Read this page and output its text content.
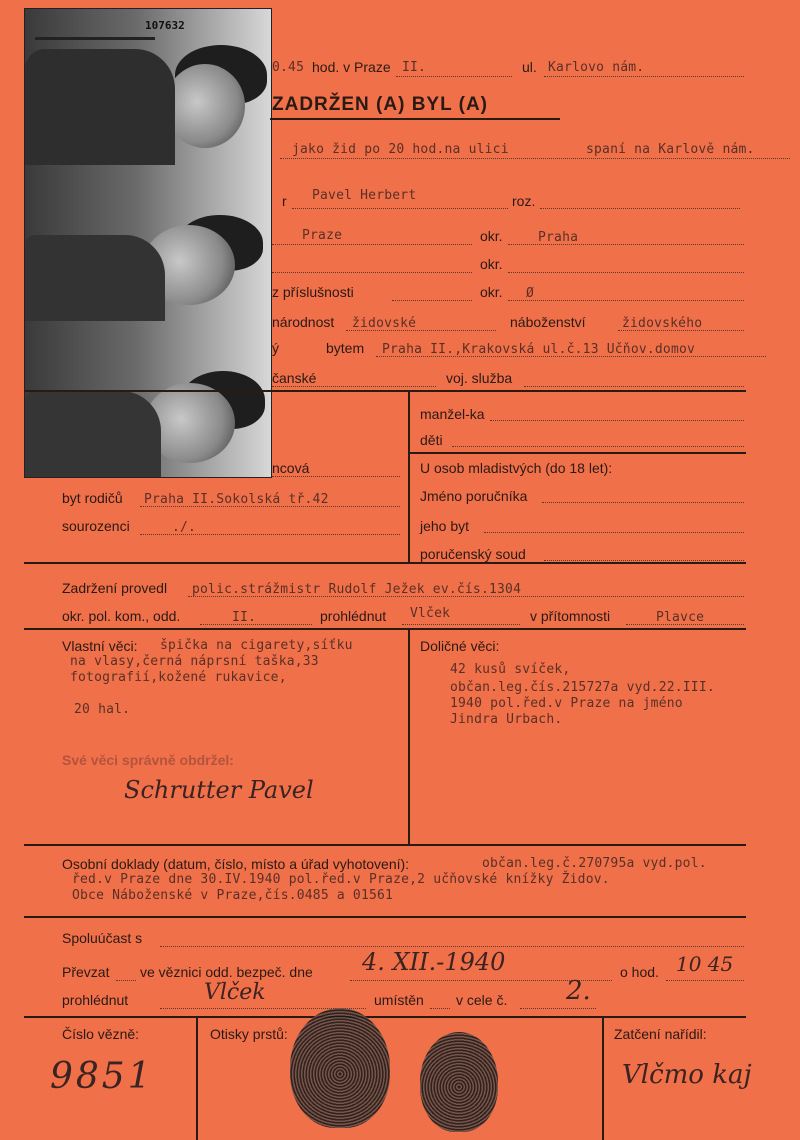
107632
0.45 hod. v Praze II.	ul. Karlovo nám.
ZADRŽEN (A) BYL (A)
jako žid po 20 hod.na ulici	spaní na Karlově nám.
r Pavel Herbert	roz.
Praze	okr.	Praha
okr.
z příslušnosti	okr. Ø
národnost židovské	náboženství	židovského
ý	bytem Praha II.,Krakovská ul.č.13 Učňov.domov
čanské	voj. služba
manžel-ka
děti
U osob mladistvých (do 18 let):
Jméno poručníka
jeho byt
poručenský soud
ncová
byt rodičů Praha II.Sokolská tř.42
sourozenci	./.
Zadržení provedl polic.strážmistr Rudolf Ježek ev.čís.1304
okr. pol. kom., odd.	II.	prohlédnut Vlček	v přítomnosti	Plavce
Vlastní věci: špička na cigarety,síťku
na vlasy,černá náprsní taška,33
fotografií,kožené rukavice,
20 hal.
Své věci správně obdržel:
Schrutter Pavel
Doličné věci:
42 kusů svíček,
občan.leg.čís.215727a vyd.22.III.
1940 pol.řed.v Praze na jméno
Jindra Urbach.
Osobní doklady (datum, číslo, místo a úřad vyhotovení):	občan.leg.č.270795a vyd.pol.
řed.v Praze dne 30.IV.1940 pol.řed.v Praze,2 učňovské knížky Židov.
Obce Náboženské v Praze,čís.0485 a 01561
Spoluúčast s
Převzat ve věznici odd. bezpeč. dne 4. XII.-1940	o hod. 10 45
prohlédnut	Vlček	umístěn v cele č. 2.
Číslo vězně:
9851
Otisky prstů:	Zatčení nařídil:
Vlčmo kaj
